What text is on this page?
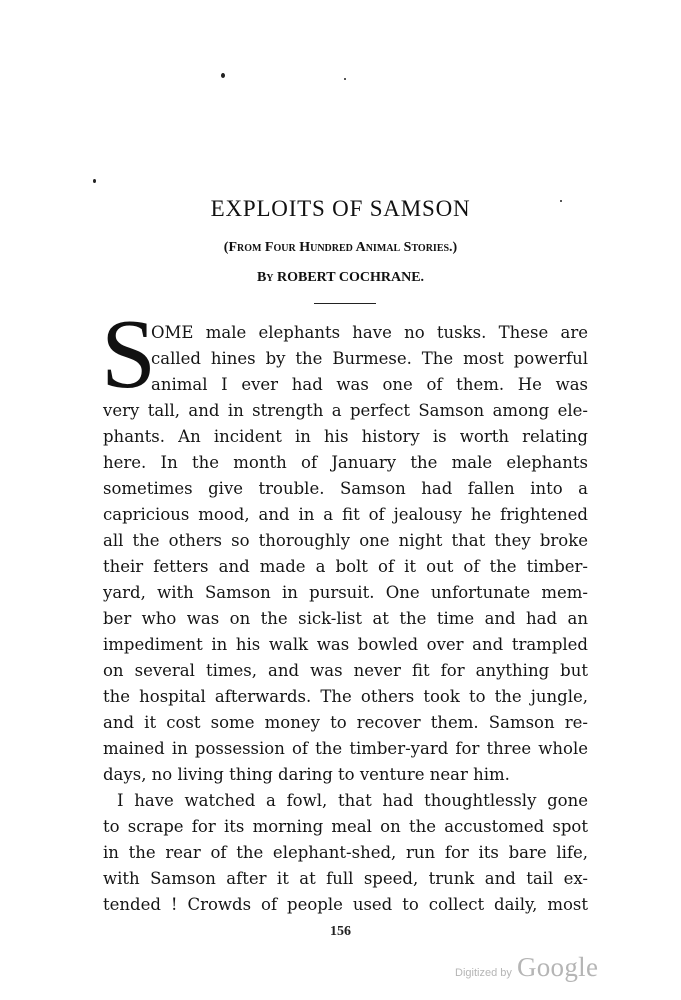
EXPLOITS OF SAMSON
(From Four Hundred Animal Stories.)
By ROBERT COCHRANE.
S
OME male elephants have no tusks. These are
called hines by the Burmese. The most powerful
animal I ever had was one of them. He was
very tall, and in strength a perfect Samson among ele-
phants. An incident in his history is worth relating
here. In the month of January the male elephants
sometimes give trouble. Samson had fallen into a
capricious mood, and in a fit of jealousy he frightened
all the others so thoroughly one night that they broke
their fetters and made a bolt of it out of the timber-
yard, with Samson in pursuit. One unfortunate mem-
ber who was on the sick-list at the time and had an
impediment in his walk was bowled over and trampled
on several times, and was never fit for anything but
the hospital afterwards. The others took to the jungle,
and it cost some money to recover them. Samson re-
mained in possession of the timber-yard for three whole
days, no living thing daring to venture near him.
I have watched a fowl, that had thoughtlessly gone
to scrape for its morning meal on the accustomed spot
in the rear of the elephant-shed, run for its bare life,
with Samson after it at full speed, trunk and tail ex-
tended ! Crowds of people used to collect daily, most
156
Digitized by Google
